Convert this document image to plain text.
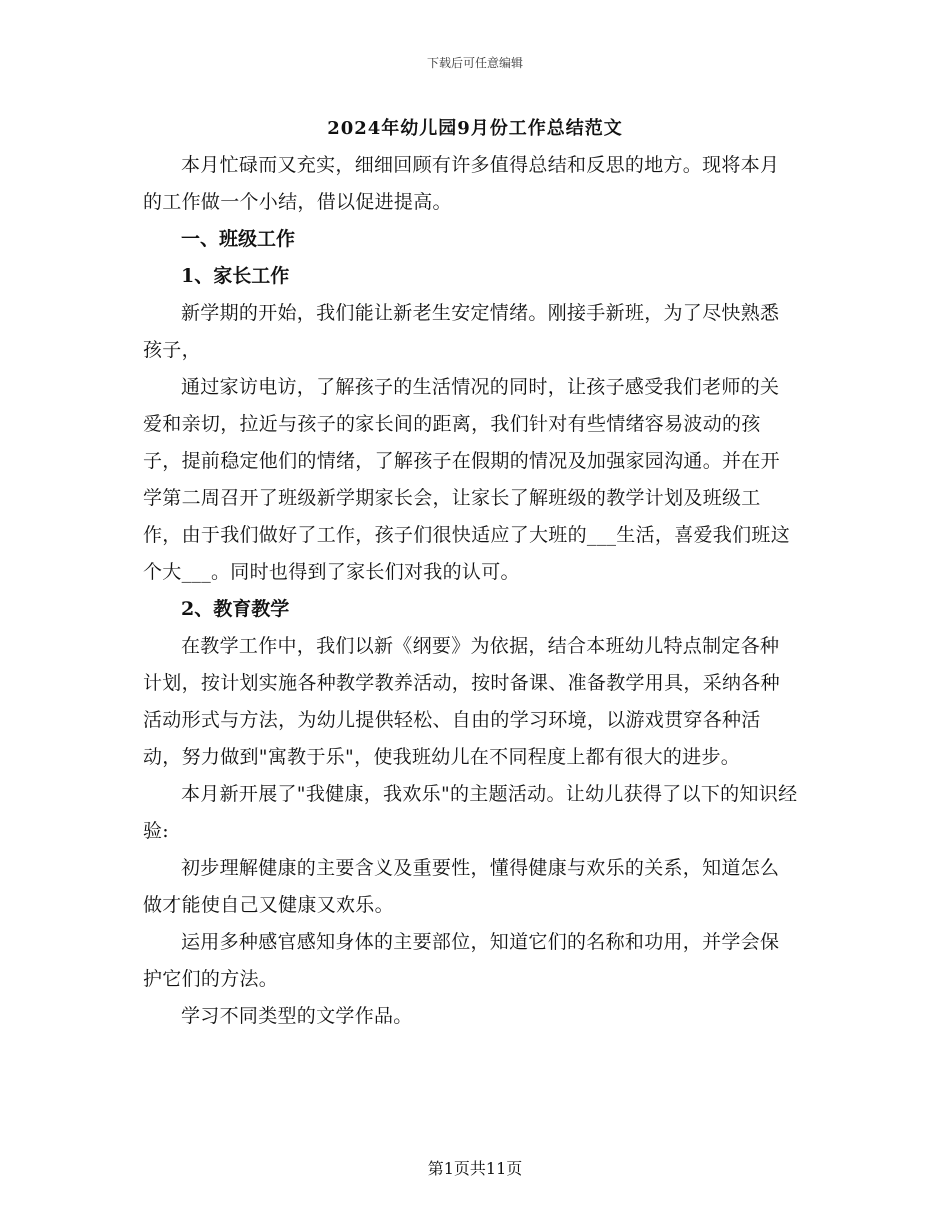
下载后可任意编辑
2024年幼儿园9月份工作总结范文

本月忙碌而又充实，细细回顾有许多值得总结和反思的地方。现将本月的工作做一个小结，借以促进提高。

一、班级工作

1、家长工作

新学期的开始，我们能让新老生安定情绪。刚接手新班，为了尽快熟悉孩子，

通过家访电访，了解孩子的生活情况的同时，让孩子感受我们老师的关爱和亲切，拉近与孩子的家长间的距离，我们针对有些情绪容易波动的孩子，提前稳定他们的情绪，了解孩子在假期的情况及加强家园沟通。并在开学第二周召开了班级新学期家长会，让家长了解班级的教学计划及班级工作，由于我们做好了工作，孩子们很快适应了大班的___生活，喜爱我们班这个大___。同时也得到了家长们对我的认可。

2、教育教学

在教学工作中，我们以新《纲要》为依据，结合本班幼儿特点制定各种计划，按计划实施各种教学教养活动，按时备课、准备教学用具，采纳各种活动形式与方法，为幼儿提供轻松、自由的学习环境，以游戏贯穿各种活动，努力做到"寓教于乐"，使我班幼儿在不同程度上都有很大的进步。

本月新开展了"我健康，我欢乐"的主题活动。让幼儿获得了以下的知识经验:

初步理解健康的主要含义及重要性，懂得健康与欢乐的关系，知道怎么做才能使自己又健康又欢乐。

运用多种感官感知身体的主要部位，知道它们的名称和功用，并学会保护它们的方法。

学习不同类型的文学作品。

第1页共11页
